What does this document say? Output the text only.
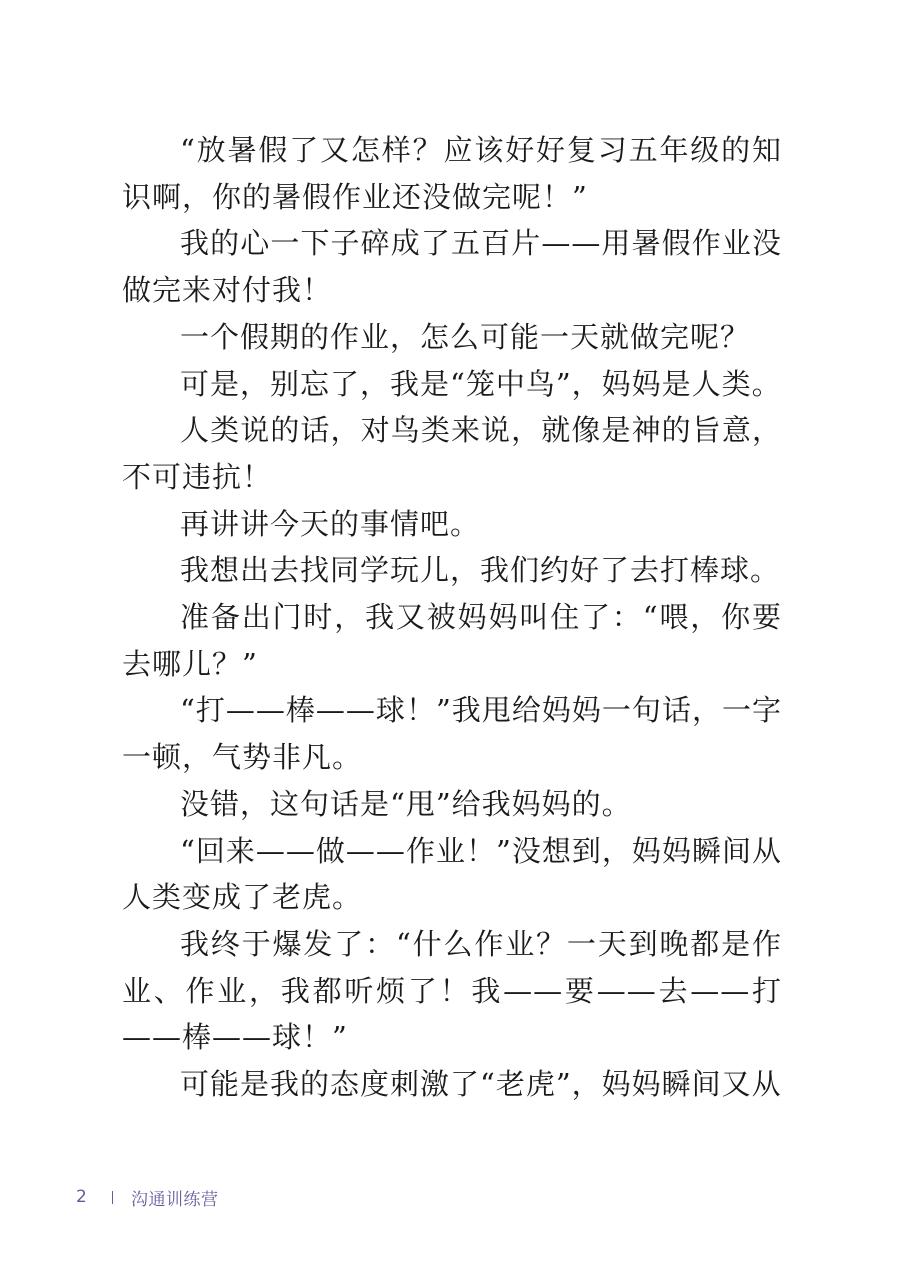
“放暑假了又怎样？应该好好复习五年级的知识啊，你的暑假作业还没做完呢！”

我的心一下子碎成了五百片——用暑假作业没做完来对付我！

一个假期的作业，怎么可能一天就做完呢？

可是，别忘了，我是“笼中鸟”，妈妈是人类。

人类说的话，对鸟类来说，就像是神的旨意，不可违抗！

再讲讲今天的事情吧。

我想出去找同学玩儿，我们约好了去打棒球。

准备出门时，我又被妈妈叫住了：“喂，你要去哪儿？”

“打——棒——球！”我甩给妈妈一句话，一字一顿，气势非凡。

没错，这句话是“甩”给我妈妈的。

“回来——做——作业！”没想到，妈妈瞬间从人类变成了老虎。

我终于爆发了：“什么作业？一天到晚都是作业、作业，我都听烦了！我——要——去——打——棒——球！”

可能是我的态度刺激了“老虎”，妈妈瞬间又从

2	沟通训练营
